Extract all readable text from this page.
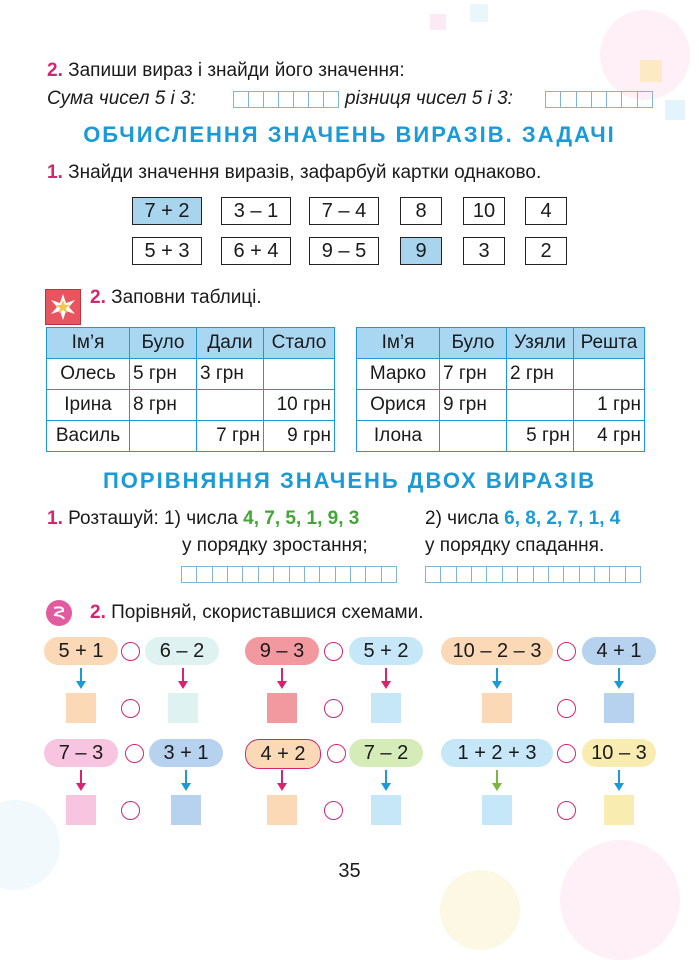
2. Запиши вираз і знайди його значення:
Сума чисел 5 і 3:	різниця чисел 5 і 3:
ОБЧИСЛЕННЯ ЗНАЧЕНЬ ВИРАЗІВ. ЗАДАЧІ
1. Знайди значення виразів, зафарбуй картки однаково.
7 + 2	3 – 1	7 – 4	8	10	4
5 + 3	6 + 4	9 – 5	9	3	2
2. Заповни таблиці.
Ім’я	Було	Дали	Стало
Олесь	5 грн	3 грн	
Ірина	8 грн		10 грн
Василь		7 грн	9 грн
Ім’я	Було	Узяли	Решта
Марко	7 грн	2 грн	
Орися	9 грн		1 грн
Ілона		5 грн	4 грн
ПОРІВНЯННЯ ЗНАЧЕНЬ ДВОХ ВИРАЗІВ
1. Розташуй: 1) числа 4, 7, 5, 1, 9, 3	2) числа 6, 8, 2, 7, 1, 4
у порядку зростання;	у порядку спадання.
2. Порівняй, скориставшися схемами.
5 + 1	6 – 2	9 – 3	5 + 2	10 – 2 – 3	4 + 1
7 – 3	3 + 1	4 + 2	7 – 2	1 + 2 + 3	10 – 3
35
